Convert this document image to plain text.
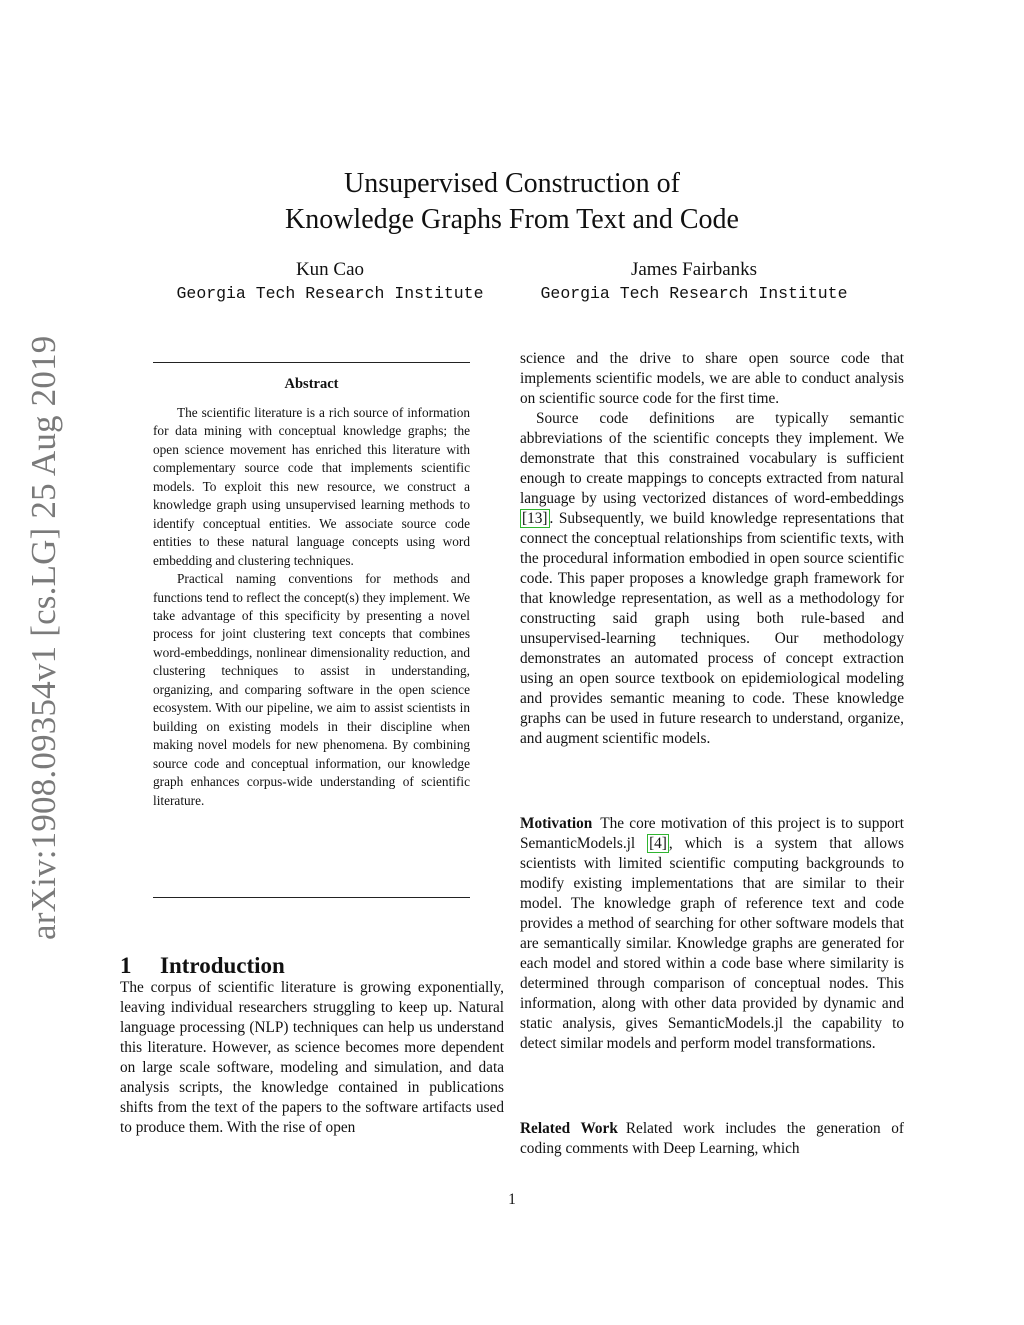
arXiv:1908.09354v1 [cs.LG] 25 Aug 2019
Unsupervised Construction of
Knowledge Graphs From Text and Code
Kun Cao
Georgia Tech Research Institute
James Fairbanks
Georgia Tech Research Institute
Abstract

The scientific literature is a rich source of information for data mining with conceptual knowledge graphs; the open science movement has enriched this literature with complementary source code that implements scientific models. To exploit this new resource, we construct a knowledge graph using unsupervised learning methods to identify conceptual entities. We associate source code entities to these natural language concepts using word embedding and clustering techniques.

Practical naming conventions for methods and functions tend to reflect the concept(s) they implement. We take advantage of this specificity by presenting a novel process for joint clustering text concepts that combines word-embeddings, nonlinear dimensionality reduction, and clustering techniques to assist in understanding, organizing, and comparing software in the open science ecosystem. With our pipeline, we aim to assist scientists in building on existing models in their discipline when making novel models for new phenomena. By combining source code and conceptual information, our knowledge graph enhances corpus-wide understanding of scientific literature.

1 Introduction

The corpus of scientific literature is growing exponentially, leaving individual researchers struggling to keep up. Natural language processing (NLP) techniques can help us understand this literature. However, as science becomes more dependent on large scale software, modeling and simulation, and data analysis scripts, the knowledge contained in publications shifts from the text of the papers to the software artifacts used to produce them. With the rise of open

science and the drive to share open source code that implements scientific models, we are able to conduct analysis on scientific source code for the first time.

Source code definitions are typically semantic abbreviations of the scientific concepts they implement. We demonstrate that this constrained vocabulary is sufficient enough to create mappings to concepts extracted from natural language by using vectorized distances of word-embeddings [13] . Subsequently, we build knowledge representations that connect the conceptual relationships from scientific texts, with the procedural information embodied in open source scientific code. This paper proposes a knowledge graph framework for that knowledge representation, as well as a methodology for constructing said graph using both rule-based and unsupervised-learning techniques. Our methodology demonstrates an automated process of concept extraction using an open source textbook on epidemiological modeling and provides semantic meaning to code. These knowledge graphs can be used in future research to understand, organize, and augment scientific models.

Motivation The core motivation of this project is to support SemanticModels.jl [4] , which is a system that allows scientists with limited scientific computing backgrounds to modify existing implementations that are similar to their model. The knowledge graph of reference text and code provides a method of searching for other software models that are semantically similar. Knowledge graphs are generated for each model and stored within a code base where similarity is determined through comparison of conceptual nodes. This information, along with other data provided by dynamic and static analysis, gives SemanticModels.jl the capability to detect similar models and perform model transformations.

Related Work Related work includes the generation of coding comments with Deep Learning, which

1
